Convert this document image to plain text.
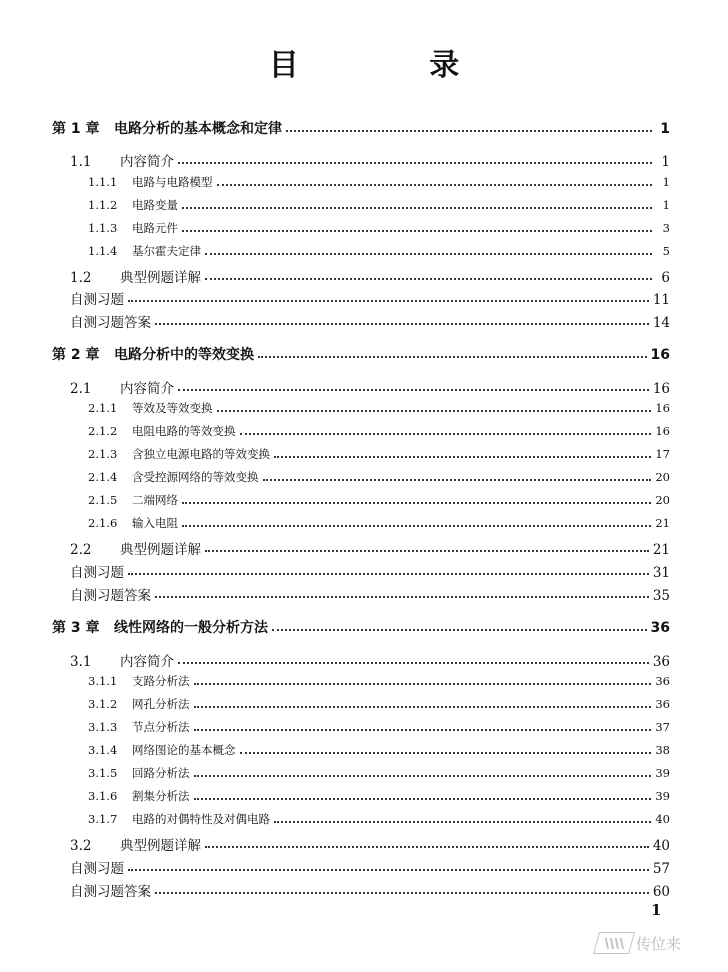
目 录
第 1 章	电路分析的基本概念和定律	1
1.1	内容简介	1
1.1.1	电路与电路模型	1
1.1.2	电路变量	1
1.1.3	电路元件	3
1.1.4	基尔霍夫定律	5
1.2	典型例题详解	6
自测习题	11
自测习题答案	14
第 2 章	电路分析中的等效变换	16
2.1	内容简介	16
2.1.1	等效及等效变换	16
2.1.2	电阻电路的等效变换	16
2.1.3	含独立电源电路的等效变换	17
2.1.4	含受控源网络的等效变换	20
2.1.5	二端网络	20
2.1.6	输入电阻	21
2.2	典型例题详解	21
自测习题	31
自测习题答案	35
第 3 章	线性网络的一般分析方法	36
3.1	内容简介	36
3.1.1	支路分析法	36
3.1.2	网孔分析法	36
3.1.3	节点分析法	37
3.1.4	网络图论的基本概念	38
3.1.5	回路分析法	39
3.1.6	割集分析法	39
3.1.7	电路的对偶特性及对偶电路	40
3.2	典型例题详解	40
自测习题	57
自测习题答案	60
1
传位来
